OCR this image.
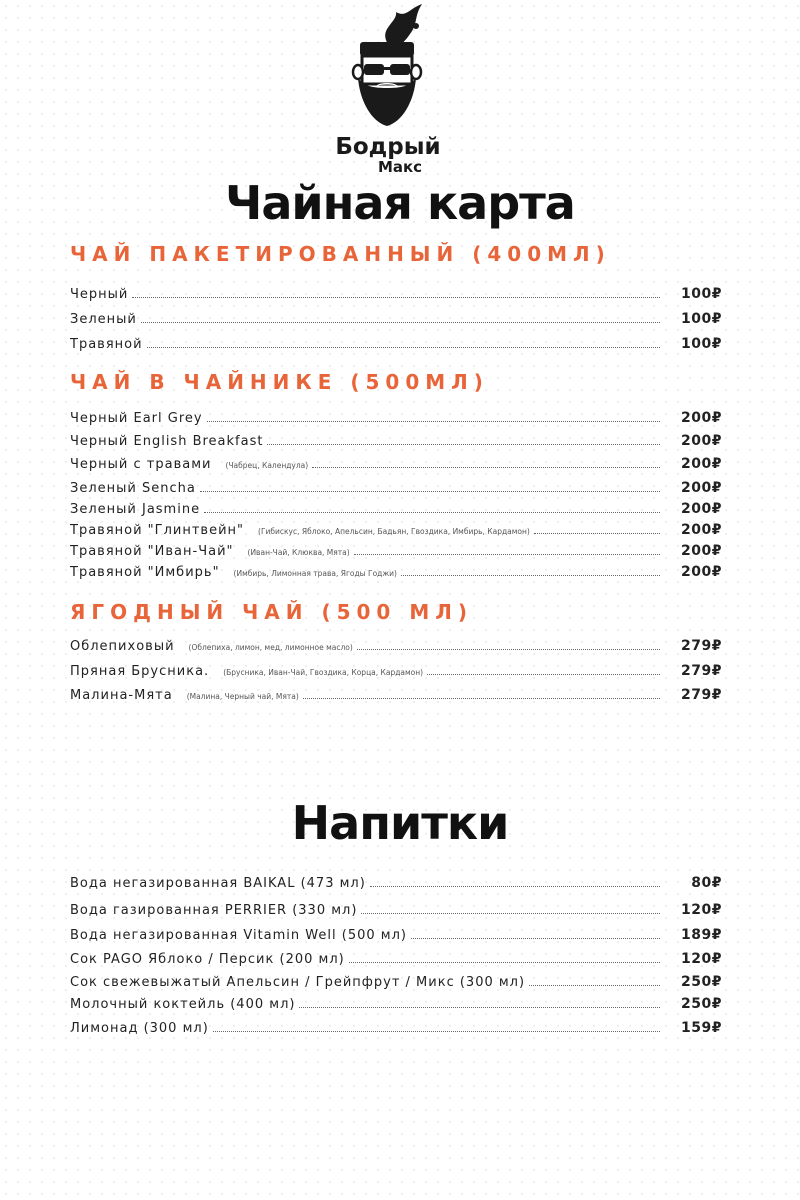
Бодрый
Макс
Чайная карта
ЧАЙ ПАКЕТИРОВАННЫЙ (400МЛ)
Черный	100₽
Зеленый	100₽
Травяной	100₽
ЧАЙ В ЧАЙНИКЕ (500МЛ)
Черный Earl Grey	200₽
Черный English Breakfast	200₽
Черный с травами (Чабрец, Календула)	200₽
Зеленый Sencha	200₽
Зеленый Jasmine	200₽
Травяной "Глинтвейн" (Гибискус, Яблоко, Апельсин, Бадьян, Гвоздика, Имбирь, Кардамон)	200₽
Травяной "Иван-Чай" (Иван-Чай, Клюква, Мята)	200₽
Травяной "Имбирь" (Имбирь, Лимонная трава, Ягоды Годжи)	200₽
ЯГОДНЫЙ ЧАЙ (500 МЛ)
Облепиховый (Облепиха, лимон, мед, лимонное масло)	279₽
Пряная Брусника. (Брусника, Иван-Чай, Гвоздика, Корца, Кардамон)	279₽
Малина-Мята (Малина, Черный чай, Мята)	279₽
Напитки
Вода негазированная BAIKAL (473 мл)	80₽
Вода газированная PERRIER (330 мл)	120₽
Вода негазированная Vitamin Well (500 мл)	189₽
Сок PAGO Яблоко / Персик (200 мл)	120₽
Сок свежевыжатый Апельсин / Грейпфрут / Микс (300 мл)	250₽
Молочный коктейль (400 мл)	250₽
Лимонад (300 мл)	159₽
